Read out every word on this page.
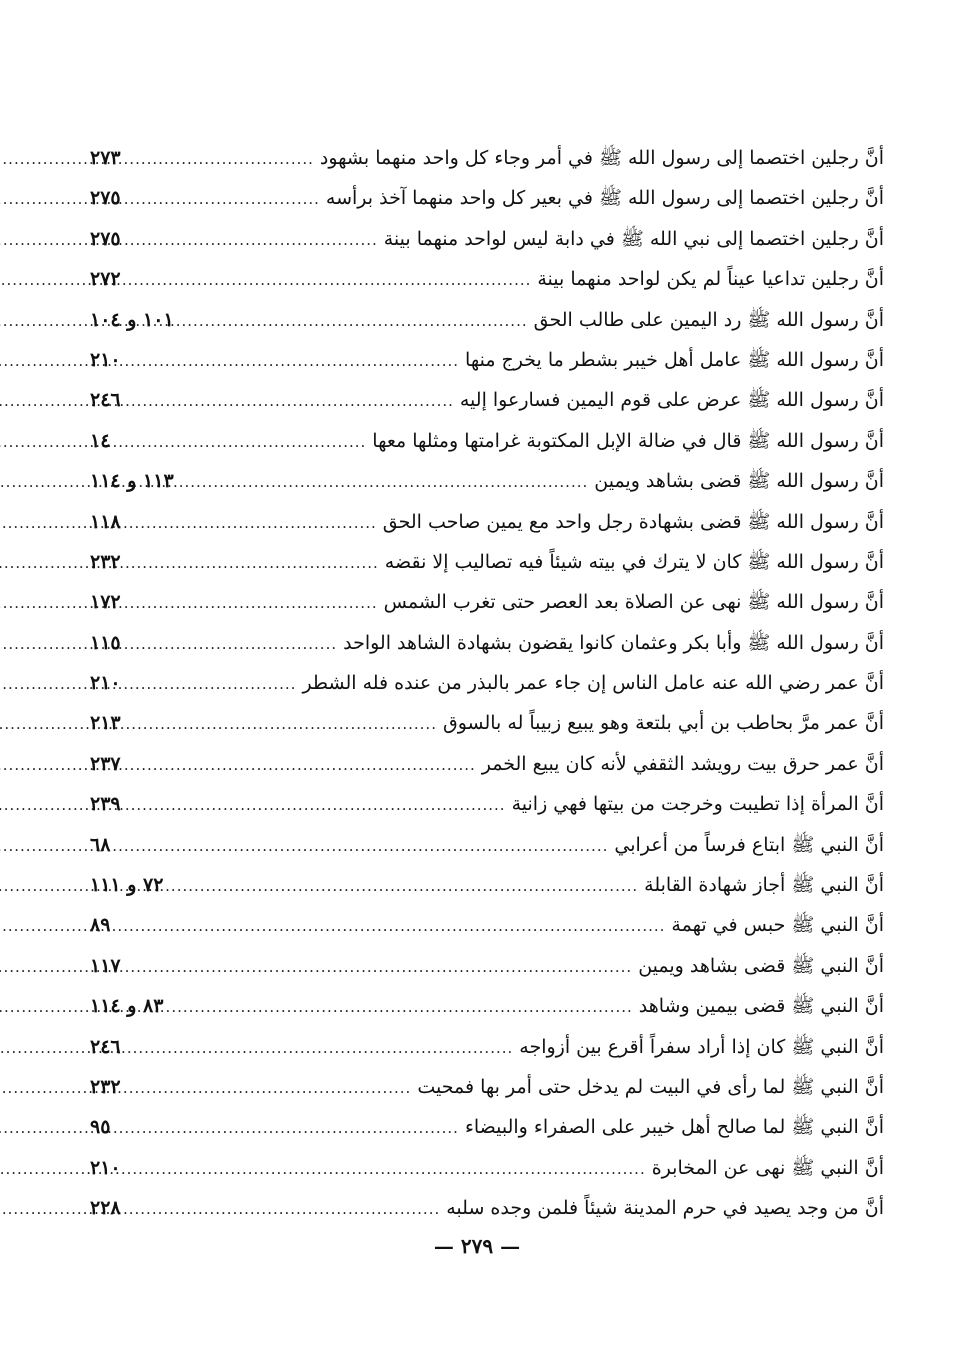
أنَّ رجلين اختصما إلى رسول الله ﷺ في أمر وجاء كل واحد منهما بشهود
.....
٢٧٣
أنَّ رجلين اختصما إلى رسول الله ﷺ في بعير كل واحد منهما آخذ برأسه
.....
٢٧٥
أنَّ رجلين اختصما إلى نبي الله ﷺ في دابة ليس لواحد منهما بينة
.....
٢٧٥
أنَّ رجلين تداعيا عيناً لم يكن لواحد منهما بينة
.....
٢٧٢
أنَّ رسول الله ﷺ رد اليمين على طالب الحق
.....
١٠١ و ١٠٤
أنَّ رسول الله ﷺ عامل أهل خيبر بشطر ما يخرج منها
.....
٢١٠
أنَّ رسول الله ﷺ عرض على قوم اليمين فسارعوا إليه
.....
٢٤٦
أنَّ رسول الله ﷺ قال في ضالة الإبل المكتوبة غرامتها ومثلها معها
.....
١٤
أنَّ رسول الله ﷺ قضى بشاهد ويمين
.....
١١٣ و ١١٤
أنَّ رسول الله ﷺ قضى بشهادة رجل واحد مع يمين صاحب الحق
.....
١١٨
أنَّ رسول الله ﷺ كان لا يترك في بيته شيئاً فيه تصاليب إلا نقضه
.....
٢٣٢
أنَّ رسول الله ﷺ نهى عن الصلاة بعد العصر حتى تغرب الشمس
.....
١٧٢
أنَّ رسول الله ﷺ وأبا بكر وعثمان كانوا يقضون بشهادة الشاهد الواحد
.....
١١٥
أنَّ عمر رضي الله عنه عامل الناس إن جاء عمر بالبذر من عنده فله الشطر
.....
٢١٠
أنَّ عمر مرَّ بحاطب بن أبي بلتعة وهو يبيع زبيباً له بالسوق
.....
٢١٣
أنَّ عمر حرق بيت رويشد الثقفي لأنه كان يبيع الخمر
.....
٢٣٧
أنَّ المرأة إذا تطيبت وخرجت من بيتها فهي زانية
.....
٢٣٩
أنَّ النبي ﷺ ابتاع فرساً من أعرابي
.....
٦٨
أنَّ النبي ﷺ أجاز شهادة القابلة
.....
٧٢ و ١١١
أنَّ النبي ﷺ حبس في تهمة
.....
٨٩
أنَّ النبي ﷺ قضى بشاهد ويمين
.....
١١٧
أنَّ النبي ﷺ قضى بيمين وشاهد
.....
٨٣ و ١١٤
أنَّ النبي ﷺ كان إذا أراد سفراً أقرع بين أزواجه
.....
٢٤٦
أنَّ النبي ﷺ لما رأى في البيت لم يدخل حتى أمر بها فمحيت
.....
٢٣٢
أنَّ النبي ﷺ لما صالح أهل خيبر على الصفراء والبيضاء
.....
٩٥
أنَّ النبي ﷺ نهى عن المخابرة
.....
٢١٠
أنَّ من وجد يصيد في حرم المدينة شيئاً فلمن وجده سلبه
.....
٢٢٨
— ٢٧٩ —
